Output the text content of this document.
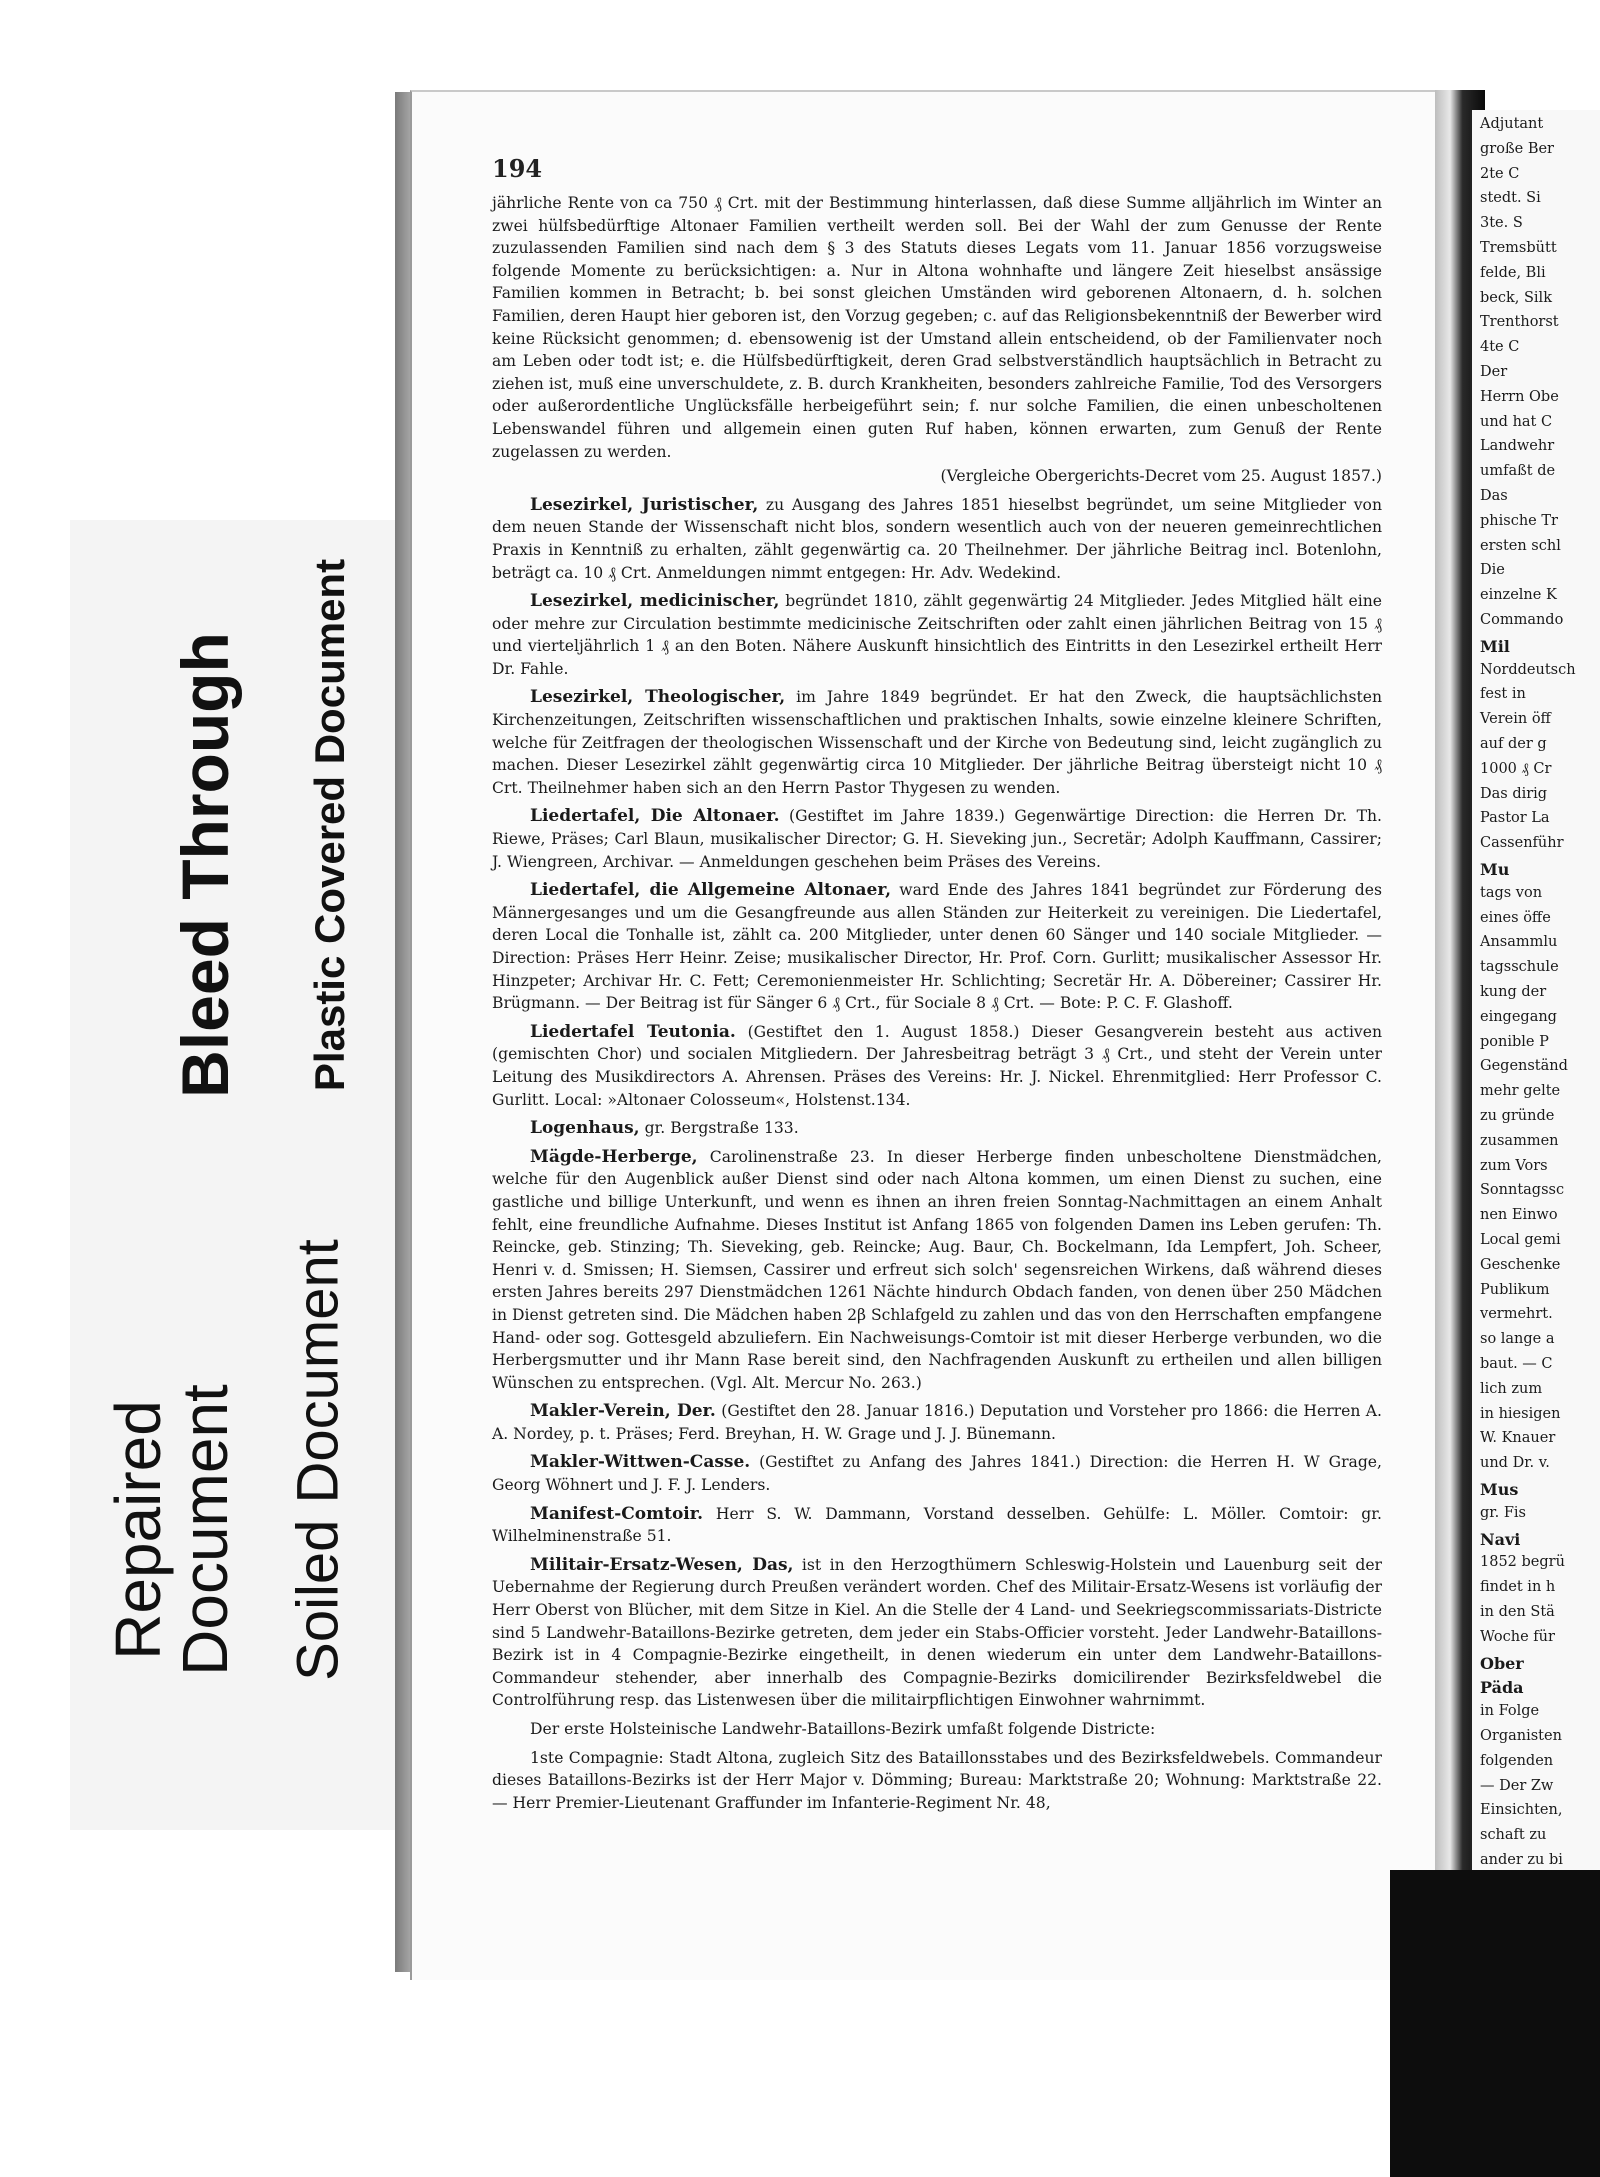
Bleed Through Plastic Covered Document
Repaired
Document Soiled Document
194

jährliche Rente von ca 750 ₰ Crt. mit der Bestimmung hinterlassen, daß diese Summe alljährlich im Winter an zwei hülfsbedürftige Altonaer Familien vertheilt werden soll. Bei der Wahl der zum Genusse der Rente zuzulassenden Familien sind nach dem § 3 des Statuts dieses Legats vom 11. Januar 1856 vorzugsweise folgende Momente zu berücksichtigen: a. Nur in Altona wohnhafte und längere Zeit hieselbst ansässige Familien kommen in Betracht; b. bei sonst gleichen Umständen wird geborenen Altonaern, d. h. solchen Familien, deren Haupt hier geboren ist, den Vorzug gegeben; c. auf das Religionsbekenntniß der Bewerber wird keine Rücksicht genommen; d. ebensowenig ist der Umstand allein entscheidend, ob der Familienvater noch am Leben oder todt ist; e. die Hülfsbedürftigkeit, deren Grad selbstverständlich hauptsächlich in Betracht zu ziehen ist, muß eine unverschuldete, z. B. durch Krankheiten, besonders zahlreiche Familie, Tod des Versorgers oder außerordentliche Unglücksfälle herbeigeführt sein; f. nur solche Familien, die einen unbescholtenen Lebenswandel führen und allgemein einen guten Ruf haben, können erwarten, zum Genuß der Rente zugelassen zu werden.

(Vergleiche Obergerichts-Decret vom 25. August 1857.)

Lesezirkel, Juristischer, zu Ausgang des Jahres 1851 hieselbst begründet, um seine Mitglieder von dem neuen Stande der Wissenschaft nicht blos, sondern wesentlich auch von der neueren gemeinrechtlichen Praxis in Kenntniß zu erhalten, zählt gegenwärtig ca. 20 Theilnehmer. Der jährliche Beitrag incl. Botenlohn, beträgt ca. 10 ₰ Crt. Anmeldungen nimmt entgegen: Hr. Adv. Wedekind.

Lesezirkel, medicinischer, begründet 1810, zählt gegenwärtig 24 Mitglieder. Jedes Mitglied hält eine oder mehre zur Circulation bestimmte medicinische Zeitschriften oder zahlt einen jährlichen Beitrag von 15 ₰ und vierteljährlich 1 ₰ an den Boten. Nähere Auskunft hinsichtlich des Eintritts in den Lesezirkel ertheilt Herr Dr. Fahle.

Lesezirkel, Theologischer, im Jahre 1849 begründet. Er hat den Zweck, die hauptsächlichsten Kirchenzeitungen, Zeitschriften wissenschaftlichen und praktischen Inhalts, sowie einzelne kleinere Schriften, welche für Zeitfragen der theologischen Wissenschaft und der Kirche von Bedeutung sind, leicht zugänglich zu machen. Dieser Lesezirkel zählt gegenwärtig circa 10 Mitglieder. Der jährliche Beitrag übersteigt nicht 10 ₰ Crt. Theilnehmer haben sich an den Herrn Pastor Thygesen zu wenden.

Liedertafel, Die Altonaer. (Gestiftet im Jahre 1839.) Gegenwärtige Direction: die Herren Dr. Th. Riewe, Präses; Carl Blaun, musikalischer Director; G. H. Sieveking jun., Secretär; Adolph Kauffmann, Cassirer; J. Wiengreen, Archivar. — Anmeldungen geschehen beim Präses des Vereins.

Liedertafel, die Allgemeine Altonaer, ward Ende des Jahres 1841 begründet zur Förderung des Männergesanges und um die Gesangfreunde aus allen Ständen zur Heiterkeit zu vereinigen. Die Liedertafel, deren Local die Tonhalle ist, zählt ca. 200 Mitglieder, unter denen 60 Sänger und 140 sociale Mitglieder. — Direction: Präses Herr Heinr. Zeise; musikalischer Director, Hr. Prof. Corn. Gurlitt; musikalischer Assessor Hr. Hinzpeter; Archivar Hr. C. Fett; Ceremonienmeister Hr. Schlichting; Secretär Hr. A. Döbereiner; Cassirer Hr. Brügmann. — Der Beitrag ist für Sänger 6 ₰ Crt., für Sociale 8 ₰ Crt. — Bote: P. C. F. Glashoff.

Liedertafel Teutonia. (Gestiftet den 1. August 1858.) Dieser Gesangverein besteht aus activen (gemischten Chor) und socialen Mitgliedern. Der Jahresbeitrag beträgt 3 ₰ Crt., und steht der Verein unter Leitung des Musikdirectors A. Ahrensen. Präses des Vereins: Hr. J. Nickel. Ehrenmitglied: Herr Professor C. Gurlitt. Local: »Altonaer Colosseum«, Holstenst.134.

Logenhaus, gr. Bergstraße 133.

Mägde-Herberge, Carolinenstraße 23. In dieser Herberge finden unbescholtene Dienstmädchen, welche für den Augenblick außer Dienst sind oder nach Altona kommen, um einen Dienst zu suchen, eine gastliche und billige Unterkunft, und wenn es ihnen an ihren freien Sonntag-Nachmittagen an einem Anhalt fehlt, eine freundliche Aufnahme. Dieses Institut ist Anfang 1865 von folgenden Damen ins Leben gerufen: Th. Reincke, geb. Stinzing; Th. Sieveking, geb. Reincke; Aug. Baur, Ch. Bockelmann, Ida Lempfert, Joh. Scheer, Henri v. d. Smissen; H. Siemsen, Cassirer und erfreut sich solch' segensreichen Wirkens, daß während dieses ersten Jahres bereits 297 Dienstmädchen 1261 Nächte hindurch Obdach fanden, von denen über 250 Mädchen in Dienst getreten sind. Die Mädchen haben 2β Schlafgeld zu zahlen und das von den Herrschaften empfangene Hand- oder sog. Gottesgeld abzuliefern. Ein Nachweisungs-Comtoir ist mit dieser Herberge verbunden, wo die Herbergsmutter und ihr Mann Rase bereit sind, den Nachfragenden Auskunft zu ertheilen und allen billigen Wünschen zu entsprechen. (Vgl. Alt. Mercur No. 263.)

Makler-Verein, Der. (Gestiftet den 28. Januar 1816.) Deputation und Vorsteher pro 1866: die Herren A. A. Nordey, p. t. Präses; Ferd. Breyhan, H. W. Grage und J. J. Bünemann.

Makler-Wittwen-Casse. (Gestiftet zu Anfang des Jahres 1841.) Direction: die Herren H. W Grage, Georg Wöhnert und J. F. J. Lenders.

Manifest-Comtoir. Herr S. W. Dammann, Vorstand desselben. Gehülfe: L. Möller. Comtoir: gr. Wilhelminenstraße 51.

Militair-Ersatz-Wesen, Das, ist in den Herzogthümern Schleswig-Holstein und Lauenburg seit der Uebernahme der Regierung durch Preußen verändert worden. Chef des Militair-Ersatz-Wesens ist vorläufig der Herr Oberst von Blücher, mit dem Sitze in Kiel. An die Stelle der 4 Land- und Seekriegscommissariats-Districte sind 5 Landwehr-Bataillons-Bezirke getreten, dem jeder ein Stabs-Officier vorsteht. Jeder Landwehr-Bataillons-Bezirk ist in 4 Compagnie-Bezirke eingetheilt, in denen wiederum ein unter dem Landwehr-Bataillons-Commandeur stehender, aber innerhalb des Compagnie-Bezirks domicilirender Bezirksfeldwebel die Controlführung resp. das Listenwesen über die militairpflichtigen Einwohner wahrnimmt.

Der erste Holsteinische Landwehr-Bataillons-Bezirk umfaßt folgende Districte:

1ste Compagnie: Stadt Altona, zugleich Sitz des Bataillonsstabes und des Bezirksfeldwebels. Commandeur dieses Bataillons-Bezirks ist der Herr Major v. Dömming; Bureau: Marktstraße 20; Wohnung: Marktstraße 22. — Herr Premier-Lieutenant Graffunder im Infanterie-Regiment Nr. 48,

Adjutant
große Ber
2te C
stedt. Si
3te. S
Tremsbütt
felde, Bli
beck, Silk
Trenthorst
4te C
Der
Herrn Obe
und hat C
Landwehr
umfaßt de
Das
phische Tr
ersten schl
Die
einzelne K
Commando
Mil
Norddeutsch
fest in
Verein öff
auf der g
1000 ₰ Cr
Das dirig
Pastor La
Cassenführ
Mu
tags von
eines öffe
Ansammlu
tagsschule
kung der
eingegang
ponible P
Gegenständ
mehr gelte
zu gründe
zusammen
zum Vors
Sonntagssc
nen Einwo
Local gemi
Geschenke
Publikum
vermehrt.
so lange a
baut. — C
lich zum
in hiesigen
W. Knauer
und Dr. v.
Mus
gr. Fis
Navi
1852 begrü
findet in h
in den Stä
Woche für
Ober
Päda
in Folge
Organisten
folgenden
— Der Zw
Einsichten,
schaft zu
ander zu bi
